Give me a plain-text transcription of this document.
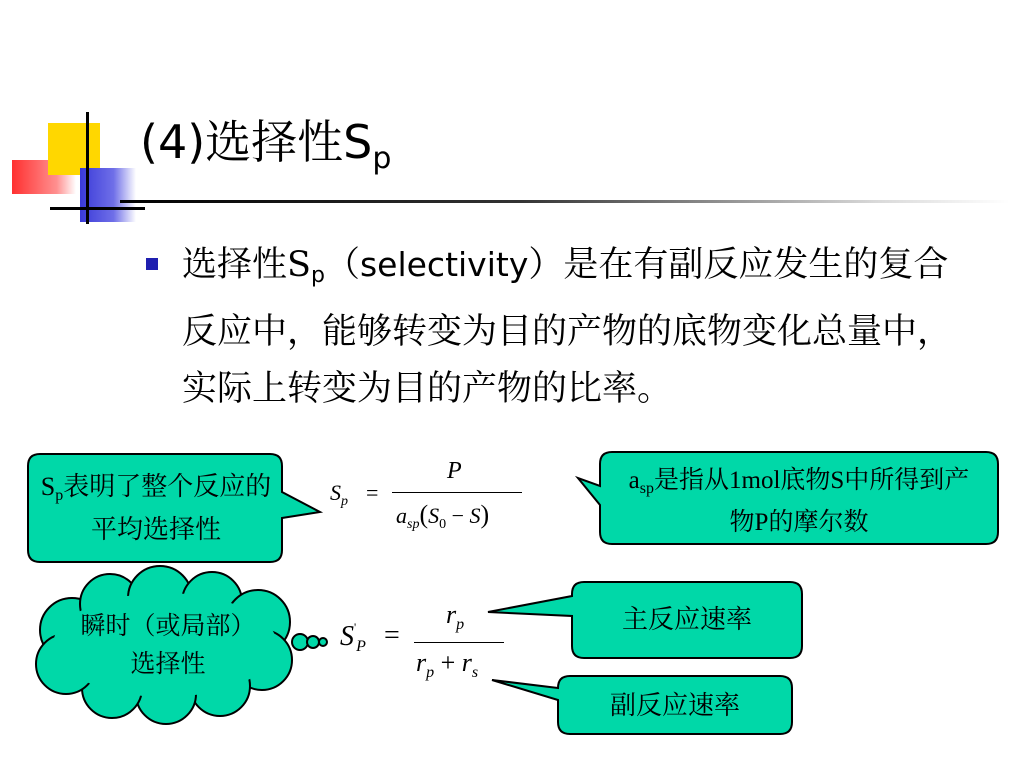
(4)选择性$S_p$
选择性$S_p(selectivity)$是在有副反应发生的复合反应中，能够转变为目的产物的底物变化总量中，实际上转变为目的产物的比率。
$S_p$表明了整个反应的平均选择性
$a_{sp}$是指从1mol底物S中所得到产物P的摩尔数
瞬时（或局部）选择性
主反应速率
副反应速率
$S_p$ =
P
$a_{sp}(S_0 - S)$
$S'_P$ =
$r_p$
$r_p + r_s$
